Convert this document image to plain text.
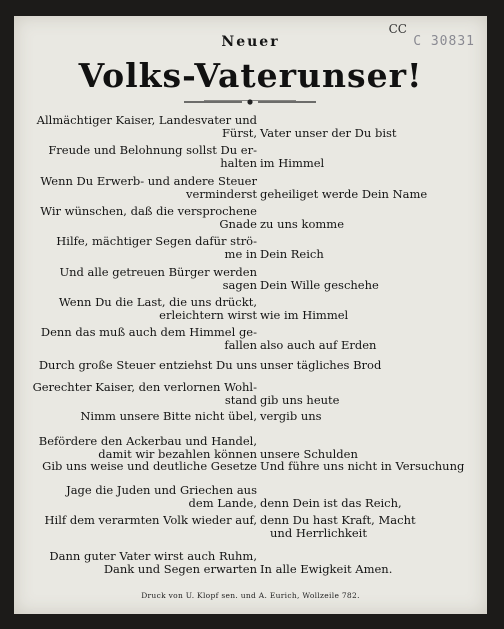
CC
C 30831
Neuer
Volks-Vaterunser!
Allmächtiger Kaiser, Landesvater und
Fürst, Vater unser der Du bist
Freude und Belohnung sollst Du er-
halten im Himmel
Wenn Du Erwerb- und andere Steuer
verminderst geheiliget werde Dein Name
Wir wünschen, daß die versprochene
Gnade zu uns komme
Hilfe, mächtiger Segen dafür strö-
me in Dein Reich
Und alle getreuen Bürger werden
sagen Dein Wille geschehe
Wenn Du die Last, die uns drückt,
erleichtern wirst wie im Himmel
Denn das muß auch dem Himmel ge-
fallen also auch auf Erden
Durch große Steuer entziehst Du uns unser tägliches Brod
Gerechter Kaiser, den verlornen Wohl-
stand gib uns heute
Nimm unsere Bitte nicht übel, vergib uns
Befördere den Ackerbau und Handel,
damit wir bezahlen können unsere Schulden
Gib uns weise und deutliche Gesetze Und führe uns nicht in Versuchung
Jage die Juden und Griechen aus
dem Lande, denn Dein ist das Reich,
Hilf dem verarmten Volk wieder auf, denn Du hast Kraft, Macht
und Herrlichkeit
Dann guter Vater wirst auch Ruhm,
Dank und Segen erwarten In alle Ewigkeit Amen.
Druck von U. Klopf sen. und A. Eurich, Wollzeile 782.
